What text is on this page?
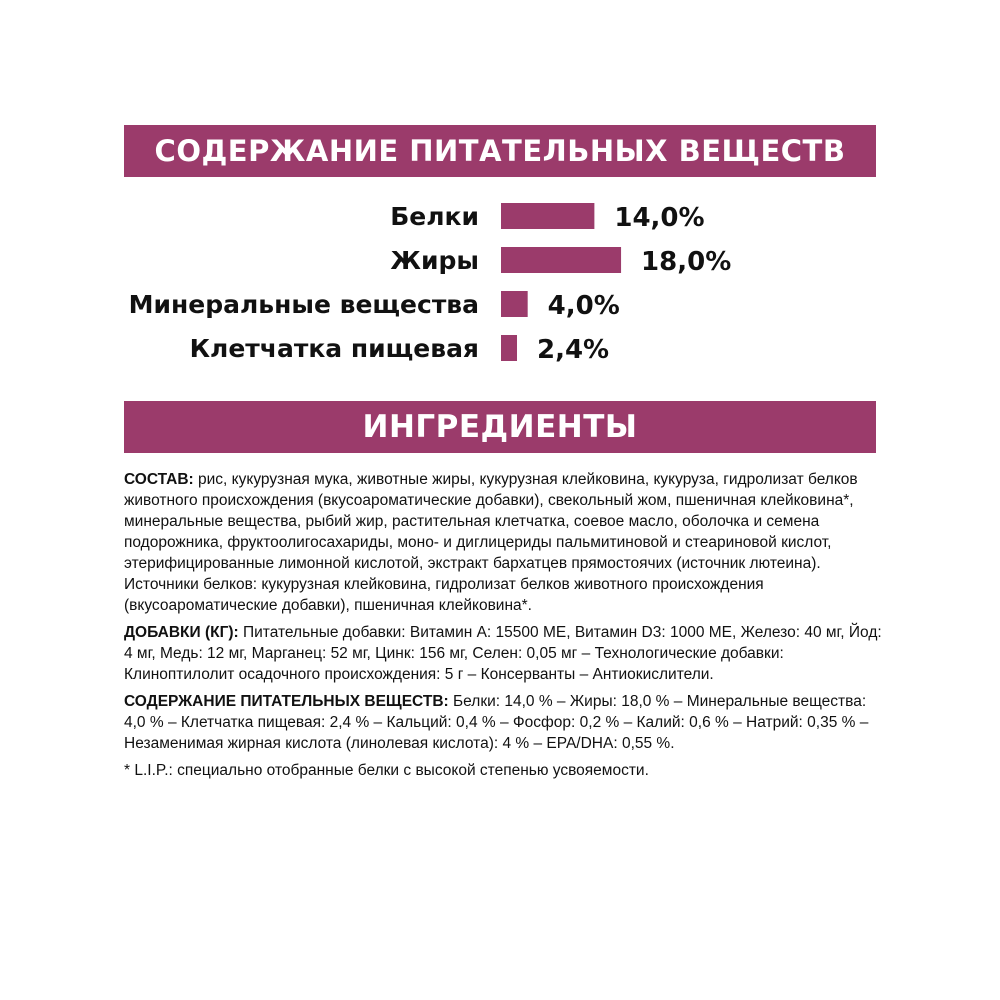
СОДЕРЖАНИЕ ПИТАТЕЛЬНЫХ ВЕЩЕСТВ
Белки	14,0%
Жиры	18,0%
Минеральные вещества	4,0%
Клетчатка пищевая 2,4%
ИНГРЕДИЕНТЫ

СОСТАВ: рис, кукурузная мука, животные жиры, кукурузная клейковина, кукуруза, гидролизат белков животного происхождения (вкусоароматические добавки), свекольный жом, пшеничная клейковина*, минеральные вещества, рыбий жир, растительная клетчатка, соевое масло, оболочка и семена подорожника, фруктоолигосахариды, моно- и диглицериды пальмитиновой и стеариновой кислот, этерифицированные лимонной кислотой, экстракт бархатцев прямостоячих (источник лютеина). Источники белков: кукурузная клейковина, гидролизат белков животного происхождения (вкусоароматические добавки), пшеничная клейковина*.

ДОБАВКИ (КГ): Питательные добавки: Витамин A: 15500 МЕ, Витамин D3: 1000 МЕ, Железо: 40 мг, Йод: 4 мг, Медь: 12 мг, Марганец: 52 мг, Цинк: 156 мг, Селен: 0,05 мг – Технологические добавки: Клиноптилолит осадочного происхождения: 5 г – Консерванты – Антиокислители.

СОДЕРЖАНИЕ ПИТАТЕЛЬНЫХ ВЕЩЕСТВ: Белки: 14,0 % – Жиры: 18,0 % – Минеральные вещества: 4,0 % – Клетчатка пищевая: 2,4 % – Кальций: 0,4 % – Фосфор: 0,2 % – Калий: 0,6 % – Натрий: 0,35 % – Незаменимая жирная кислота (линолевая кислота): 4 % – EPA/DHA: 0,55 %.

* L.I.P.: специально отобранные белки с высокой степенью усвояемости.
